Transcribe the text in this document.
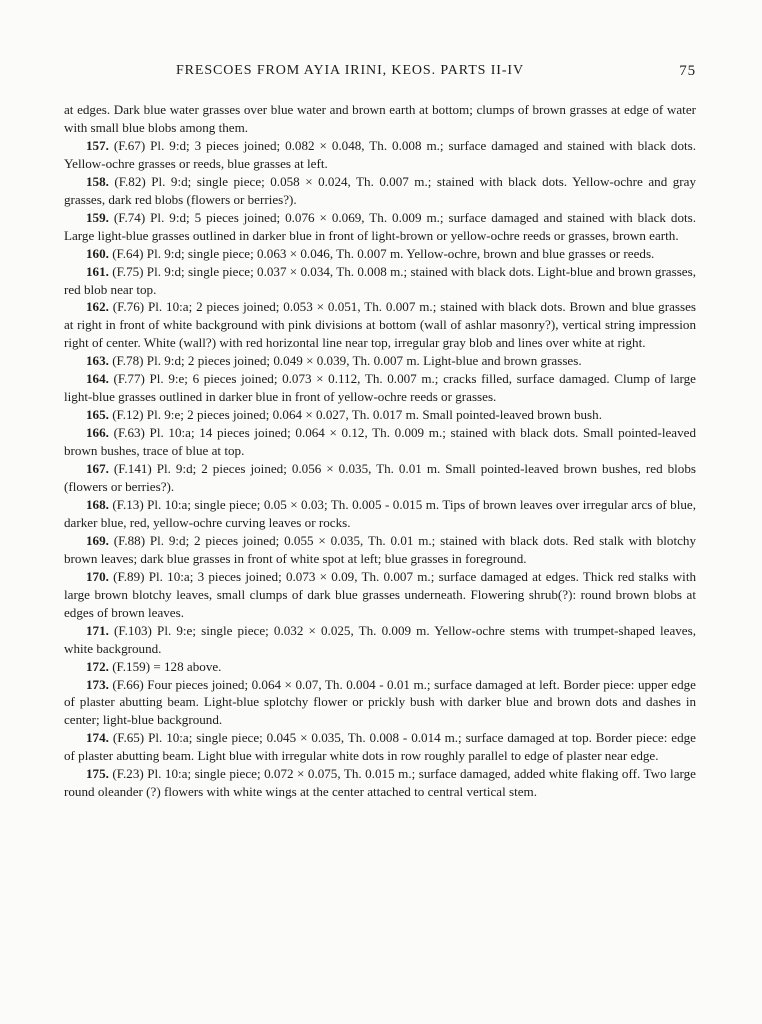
FRESCOES FROM AYIA IRINI, KEOS. PARTS II-IV	75

at edges. Dark blue water grasses over blue water and brown earth at bottom; clumps of brown grasses at edge of water with small blue blobs among them.

157. (F.67) Pl. 9:d; 3 pieces joined; 0.082 × 0.048, Th. 0.008 m.; surface damaged and stained with black dots. Yellow-ochre grasses or reeds, blue grasses at left.

158. (F.82) Pl. 9:d; single piece; 0.058 × 0.024, Th. 0.007 m.; stained with black dots. Yellow-ochre and gray grasses, dark red blobs (flowers or berries?).

159. (F.74) Pl. 9:d; 5 pieces joined; 0.076 × 0.069, Th. 0.009 m.; surface damaged and stained with black dots. Large light-blue grasses outlined in darker blue in front of light-brown or yellow-ochre reeds or grasses, brown earth.

160. (F.64) Pl. 9:d; single piece; 0.063 × 0.046, Th. 0.007 m. Yellow-ochre, brown and blue grasses or reeds.

161. (F.75) Pl. 9:d; single piece; 0.037 × 0.034, Th. 0.008 m.; stained with black dots. Light-blue and brown grasses, red blob near top.

162. (F.76) Pl. 10:a; 2 pieces joined; 0.053 × 0.051, Th. 0.007 m.; stained with black dots. Brown and blue grasses at right in front of white background with pink divisions at bottom (wall of ashlar masonry?), vertical string impression right of center. White (wall?) with red horizontal line near top, irregular gray blob and lines over white at right.

163. (F.78) Pl. 9:d; 2 pieces joined; 0.049 × 0.039, Th. 0.007 m. Light-blue and brown grasses.

164. (F.77) Pl. 9:e; 6 pieces joined; 0.073 × 0.112, Th. 0.007 m.; cracks filled, surface damaged. Clump of large light-blue grasses outlined in darker blue in front of yellow-ochre reeds or grasses.

165. (F.12) Pl. 9:e; 2 pieces joined; 0.064 × 0.027, Th. 0.017 m. Small pointed-leaved brown bush.

166. (F.63) Pl. 10:a; 14 pieces joined; 0.064 × 0.12, Th. 0.009 m.; stained with black dots. Small pointed-leaved brown bushes, trace of blue at top.

167. (F.141) Pl. 9:d; 2 pieces joined; 0.056 × 0.035, Th. 0.01 m. Small pointed-leaved brown bushes, red blobs (flowers or berries?).

168. (F.13) Pl. 10:a; single piece; 0.05 × 0.03; Th. 0.005 - 0.015 m. Tips of brown leaves over irregular arcs of blue, darker blue, red, yellow-ochre curving leaves or rocks.

169. (F.88) Pl. 9:d; 2 pieces joined; 0.055 × 0.035, Th. 0.01 m.; stained with black dots. Red stalk with blotchy brown leaves; dark blue grasses in front of white spot at left; blue grasses in foreground.

170. (F.89) Pl. 10:a; 3 pieces joined; 0.073 × 0.09, Th. 0.007 m.; surface damaged at edges. Thick red stalks with large brown blotchy leaves, small clumps of dark blue grasses underneath. Flowering shrub(?): round brown blobs at edges of brown leaves.

171. (F.103) Pl. 9:e; single piece; 0.032 × 0.025, Th. 0.009 m. Yellow-ochre stems with trumpet-shaped leaves, white background.

172. (F.159) = 128 above.

173. (F.66) Four pieces joined; 0.064 × 0.07, Th. 0.004 - 0.01 m.; surface damaged at left. Border piece: upper edge of plaster abutting beam. Light-blue splotchy flower or prickly bush with darker blue and brown dots and dashes in center; light-blue background.

174. (F.65) Pl. 10:a; single piece; 0.045 × 0.035, Th. 0.008 - 0.014 m.; surface damaged at top. Border piece: edge of plaster abutting beam. Light blue with irregular white dots in row roughly parallel to edge of plaster near edge.

175. (F.23) Pl. 10:a; single piece; 0.072 × 0.075, Th. 0.015 m.; surface damaged, added white flaking off. Two large round oleander (?) flowers with white wings at the center attached to central vertical stem.
